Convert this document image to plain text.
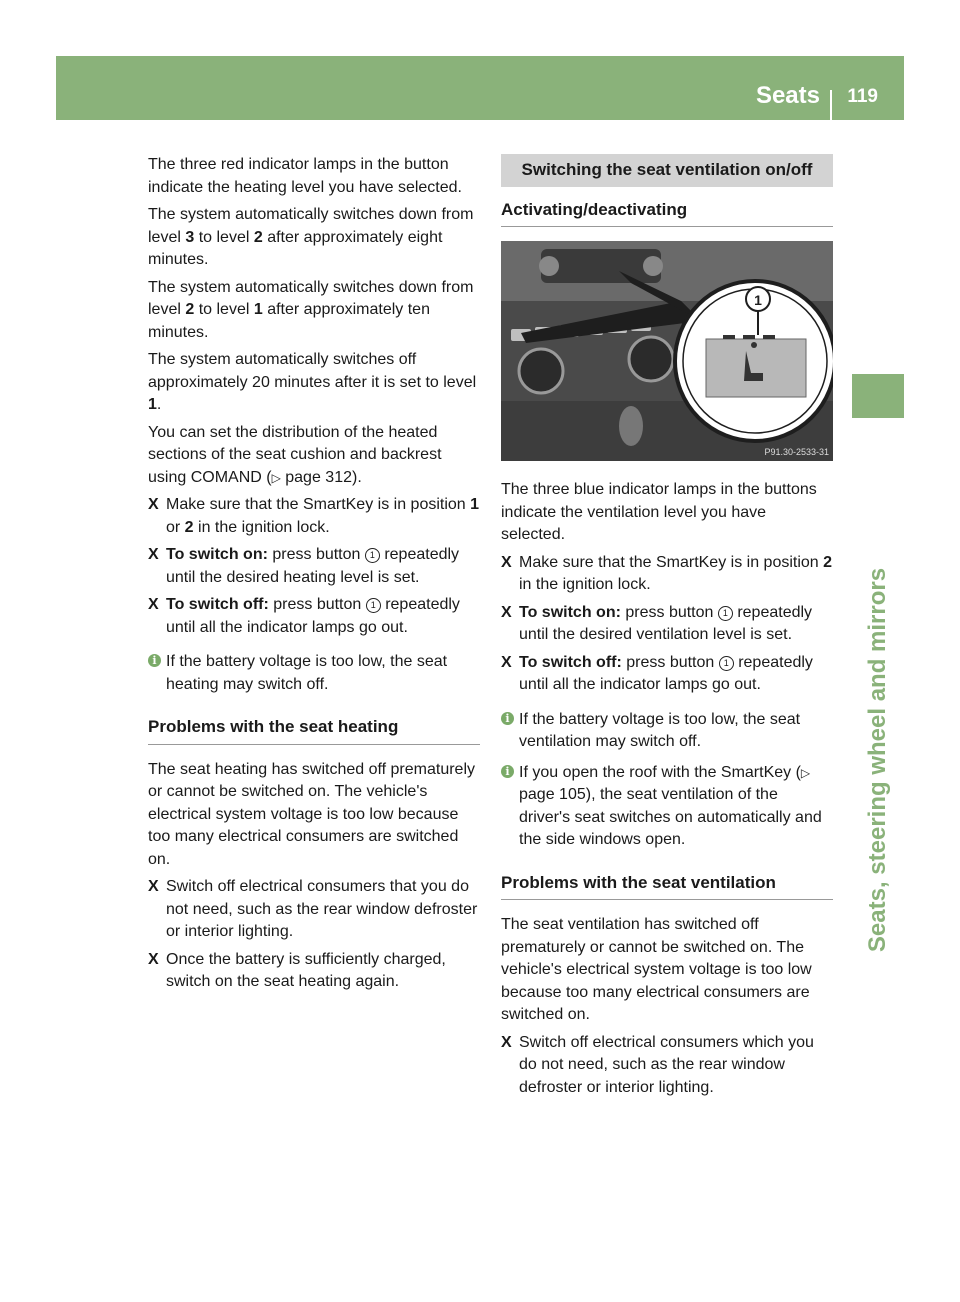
Seats 119
Seats, steering wheel and mirrors

The three red indicator lamps in the button indicate the heating level you have selected.

The system automatically switches down from level 3 to level 2 after approximately eight minutes.

The system automatically switches down from level 2 to level 1 after approximately ten minutes.

The system automatically switches off approximately 20 minutes after it is set to level 1.

You can set the distribution of the heated sections of the seat cushion and backrest using COMAND (▷ page 312).

X Make sure that the SmartKey is in position 1 or 2 in the ignition lock.
X To switch on: press button 1 repeatedly until the desired heating level is set.
X To switch off: press button 1 repeatedly until all the indicator lamps go out.
i If the battery voltage is too low, the seat heating may switch off.
Problems with the seat heating

The seat heating has switched off prematurely or cannot be switched on. The vehicle's electrical system voltage is too low because too many electrical consumers are switched on.

X Switch off electrical consumers that you do not need, such as the rear window defroster or interior lighting.
X Once the battery is sufficiently charged, switch on the seat heating again.
Switching the seat ventilation on/off
Activating/deactivating
1
P91.30-2533-31

The three blue indicator lamps in the buttons indicate the ventilation level you have selected.

X Make sure that the SmartKey is in position 2 in the ignition lock.
X To switch on: press button 1 repeatedly until the desired ventilation level is set.
X To switch off: press button 1 repeatedly until all the indicator lamps go out.
i If the battery voltage is too low, the seat ventilation may switch off.
i If you open the roof with the SmartKey (▷ page 105), the seat ventilation of the driver's seat switches on automatically and the side windows open.
Problems with the seat ventilation

The seat ventilation has switched off prematurely or cannot be switched on. The vehicle's electrical system voltage is too low because too many electrical consumers are switched on.

X Switch off electrical consumers which you do not need, such as the rear window defroster or interior lighting.
